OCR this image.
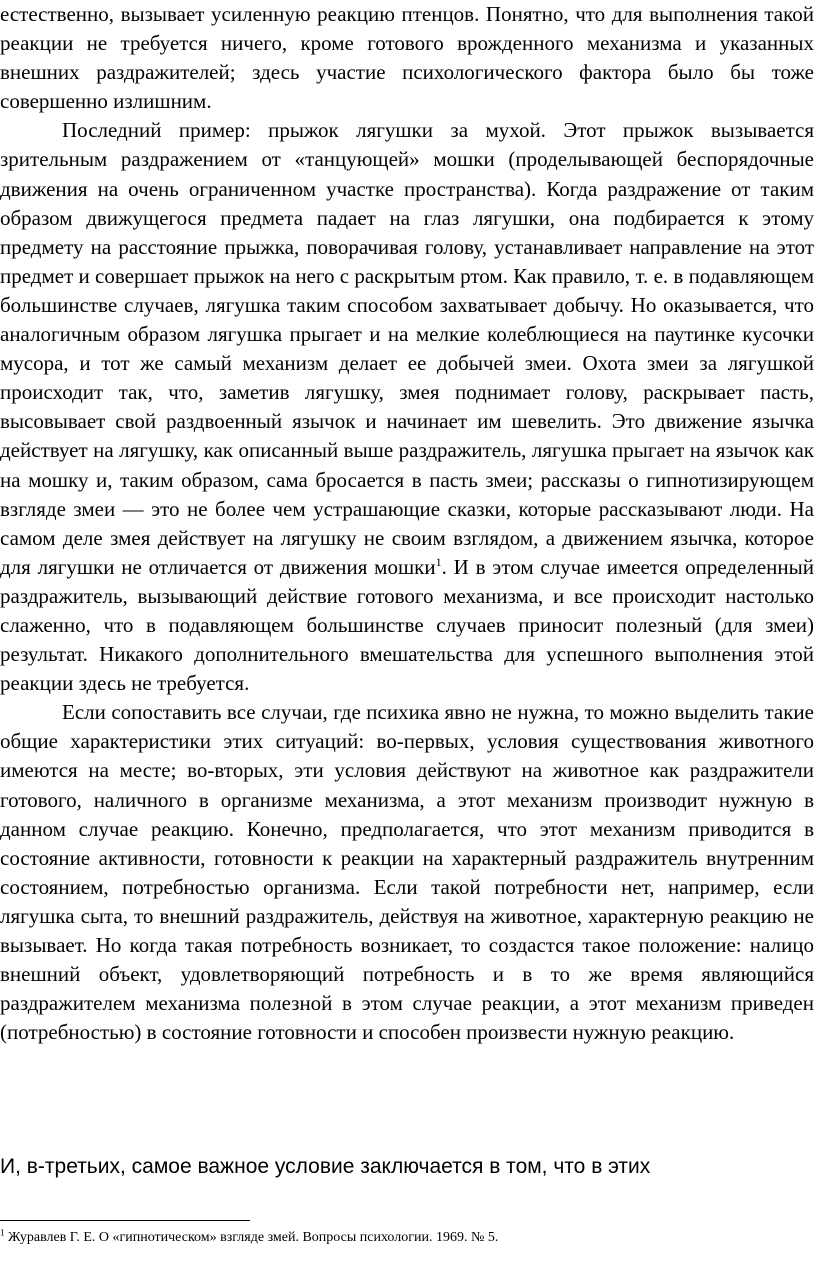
естественно, вызывает усиленную реакцию птенцов. Понятно, что для выполнения такой реакции не требуется ничего, кроме готового врожденного механизма и указанных внешних раздражителей; здесь участие психологического фактора было бы тоже совершенно излишним.

Последний пример: прыжок лягушки за мухой. Этот прыжок вызывается зрительным раздражением от «танцующей» мошки (проделывающей беспорядочные движения на очень ограниченном участке пространства). Когда раздражение от таким образом движущегося предмета падает на глаз лягушки, она подбирается к этому предмету на расстояние прыжка, поворачивая голову, устанавливает направление на этот предмет и совершает прыжок на него с раскрытым ртом. Как правило, т. е. в подавляющем большинстве случаев, лягушка таким способом захватывает добычу. Но оказывается, что аналогичным образом лягушка прыгает и на мелкие колеблющиеся на паутинке кусочки мусора, и тот же самый механизм делает ее добычей змеи. Охота змеи за лягушкой происходит так, что, заметив лягушку, змея поднимает голову, раскрывает пасть, высовывает свой раздвоенный язычок и начинает им шевелить. Это движение язычка действует на лягушку, как описанный выше раздражитель, лягушка прыгает на язычок как на мошку и, таким образом, сама бросается в пасть змеи; рассказы о гипнотизирующем взгляде змеи — это не более чем устрашающие сказки, которые рассказывают люди. На самом деле змея действует на лягушку не своим взглядом, а движением язычка, которое для лягушки не отличается от движения мошки$^1$. И в этом случае имеется определенный раздражитель, вызывающий действие готового механизма, и все происходит настолько слаженно, что в подавляющем большинстве случаев приносит полезный (для змеи) результат. Никакого дополнительного вмешательства для успешного выполнения этой реакции здесь не требуется.

Если сопоставить все случаи, где психика явно не нужна, то можно выделить такие общие характеристики этих ситуаций: во-первых, условия существования животного имеются на месте; во-вторых, эти условия действуют на животное как раздражители готового, наличного в организме механизма, а этот механизм производит нужную в данном случае реакцию. Конечно, предполагается, что этот механизм приводится в состояние активности, готовности к реакции на характерный раздражитель внутренним состоянием, потребностью организма. Если такой потребности нет, например, если лягушка сыта, то внешний раздражитель, действуя на животное, характерную реакцию не вызывает. Но когда такая потребность возникает, то создастся такое положение: налицо внешний объект, удовлетворяющий потребность и в то же время являющийся раздражителем механизма полезной в этом случае реакции, а этот механизм приведен (потребностью) в состояние готовности и способен произвести нужную реакцию.

И, в-третьих, самое важное условие заключается в том, что в этих
$^1$ Журавлев Г. Е. О «гипнотическом» взгляде змей. Вопросы психологии. 1969. № 5.
